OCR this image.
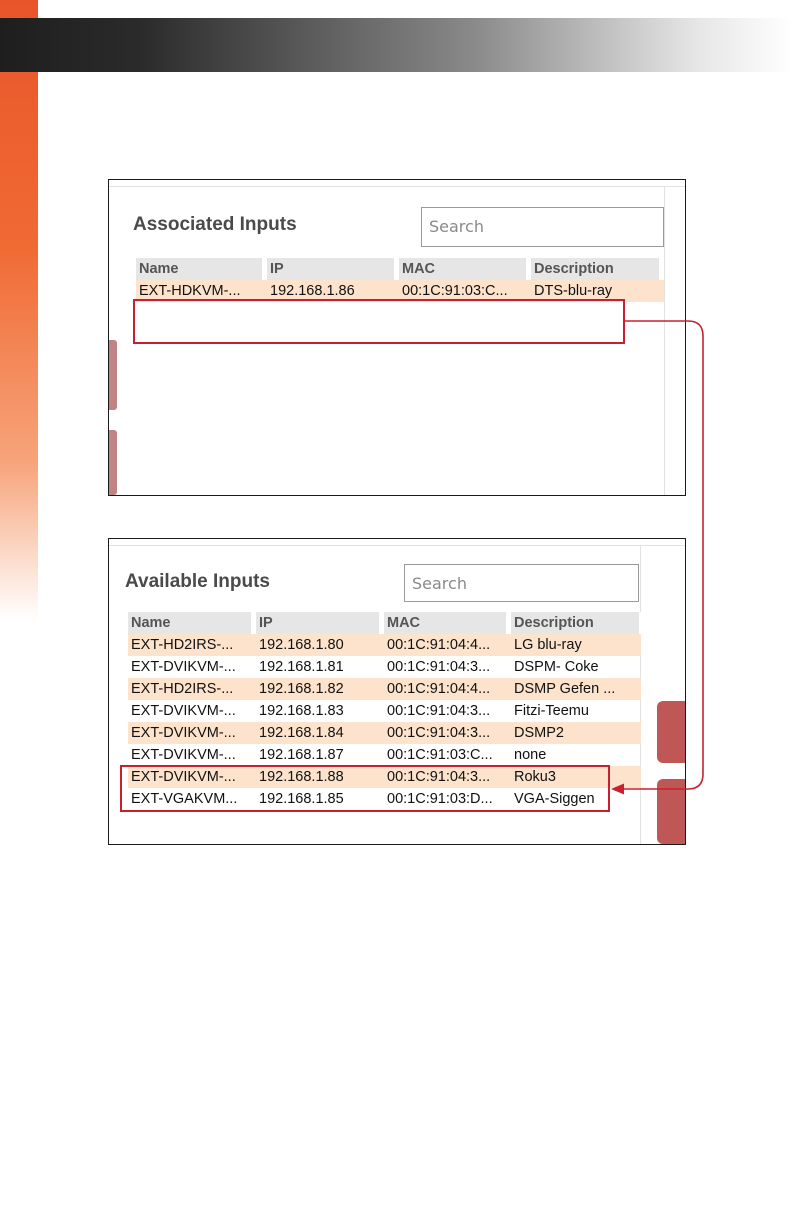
Associated Inputs	Search
Name	IP	MAC	Description
EXT-HDKVM-...	192.168.1.86	00:1C:91:03:C...	DTS-blu-ray
Available Inputs	Search
Name	IP	MAC	Description
EXT-HD2IRS-...	192.168.1.80	00:1C:91:04:4...	LG blu-ray
EXT-DVIKVM-...	192.168.1.81	00:1C:91:04:3...	DSPM- Coke
EXT-HD2IRS-...	192.168.1.82	00:1C:91:04:4...	DSMP Gefen ...
EXT-DVIKVM-...	192.168.1.83	00:1C:91:04:3...	Fitzi-Teemu
EXT-DVIKVM-...	192.168.1.84	00:1C:91:04:3...	DSMP2
EXT-DVIKVM-...	192.168.1.87	00:1C:91:03:C...	none
EXT-DVIKVM-...	192.168.1.88	00:1C:91:04:3...	Roku3
EXT-VGAKVM...	192.168.1.85	00:1C:91:03:D...	VGA-Siggen
